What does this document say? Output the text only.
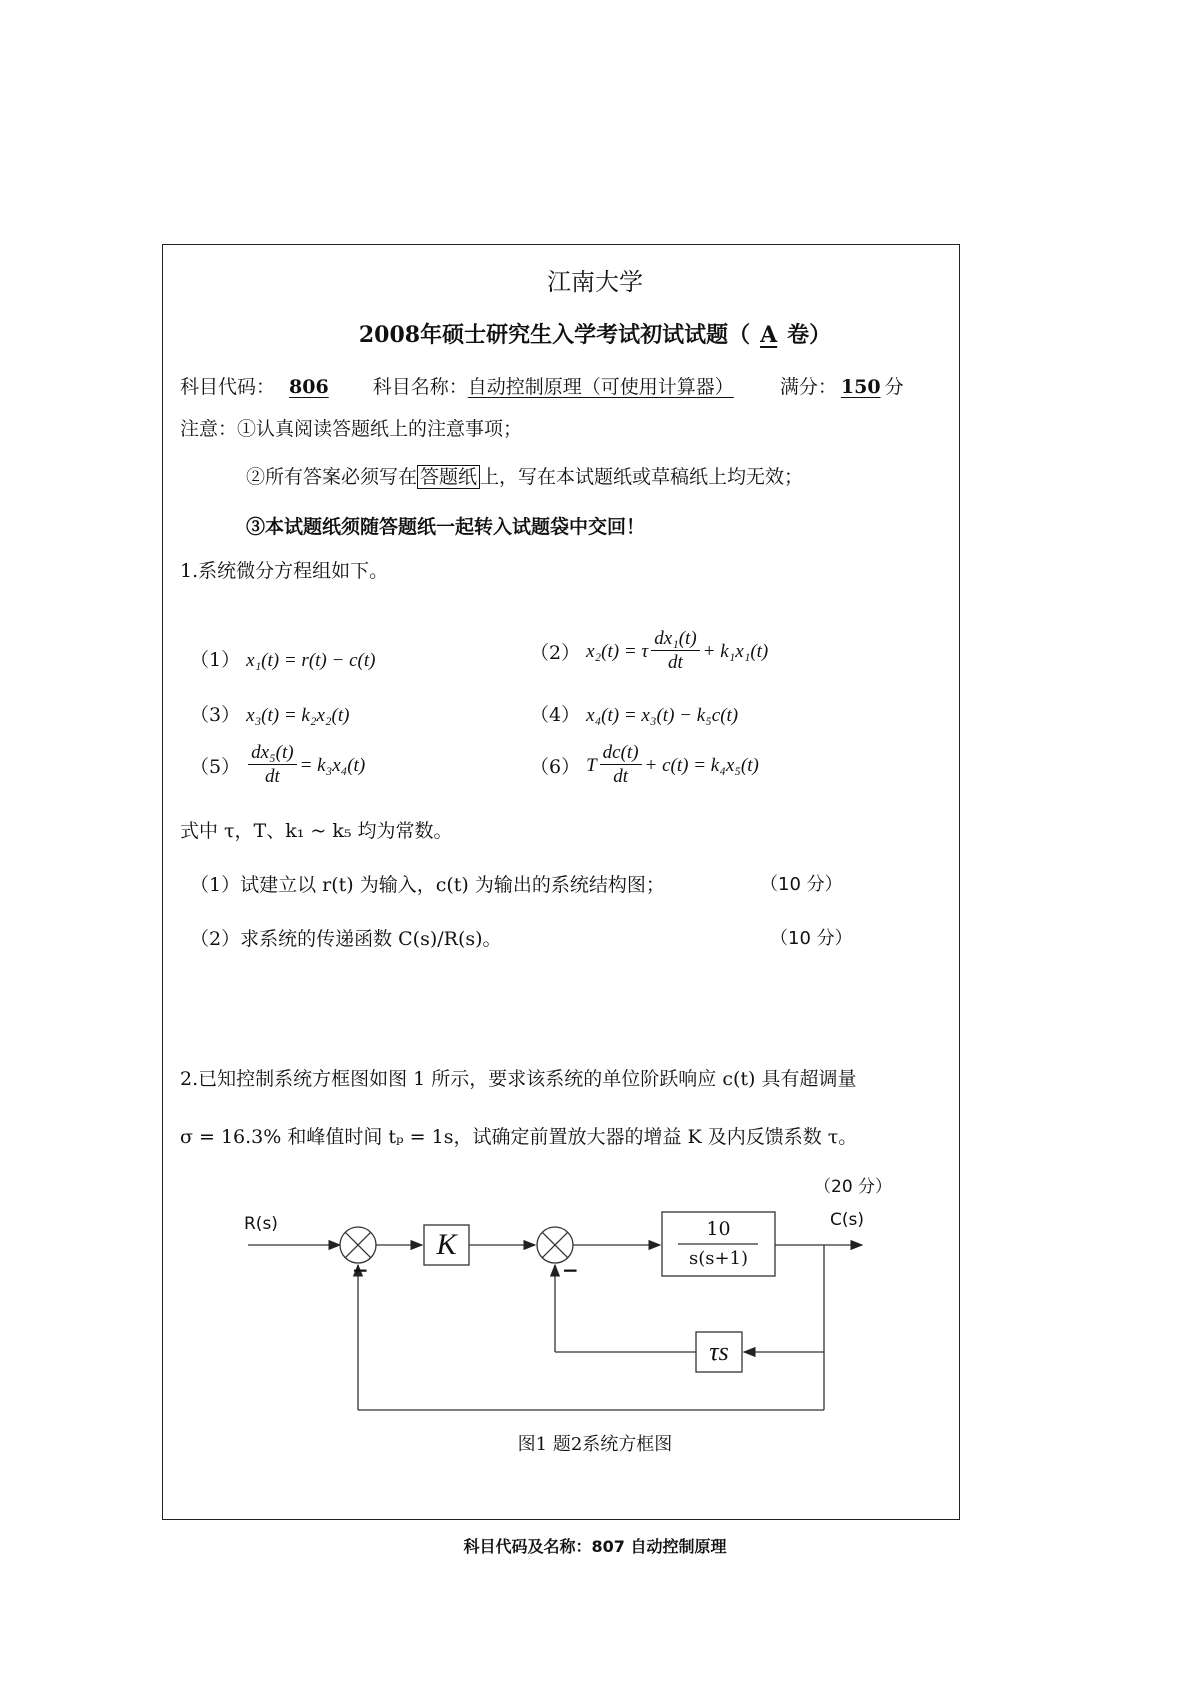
江南大学
2008年硕士研究生入学考试初试试题（ A 卷）
科目代码： 806 科目名称：自动控制原理（可使用计算器） 满分： 150 分
注意：①认真阅读答题纸上的注意事项；
②所有答案必须写在 答题纸 上，写在本试题纸或草稿纸上均无效；
③本试题纸须随答题纸一起转入试题袋中交回！
1.系统微分方程组如下。
（1） x₁(t) = r(t) − c(t)	（2） x₂(t) = τ $\frac{\text{dx₁(t)}}{dt} + k_1x_1(t)$
（3） x₃(t) = k₂x₂(t)	（4） x₄(t) = x₃(t) − k₅c(t)
$(5) \frac{\text{dx₅(t)}}{dt} = k_3x_4(t)$	（6） T $\frac{dc(t)}{dt} + c(t) = k_4x_5(t)$
式中 τ，T、k₁ ~ k₅ 均为常数。
（1）试建立以 r(t) 为输入，c(t) 为输出的系统结构图；	（10 分）
（2）求系统的传递函数 C(s)/R(s)。	（10 分）
2.已知控制系统方框图如图 1 所示，要求该系统的单位阶跃响应 c(t) 具有超调量
σ = 16.3% 和峰值时间 tₚ = 1s，试确定前置放大器的增益 K 及内反馈系数 τ。
（20 分）
R(s)	C(s)
K	10
s(s+1)
τs
−	−
图1 题2系统方框图
科目代码及名称：807 自动控制原理
